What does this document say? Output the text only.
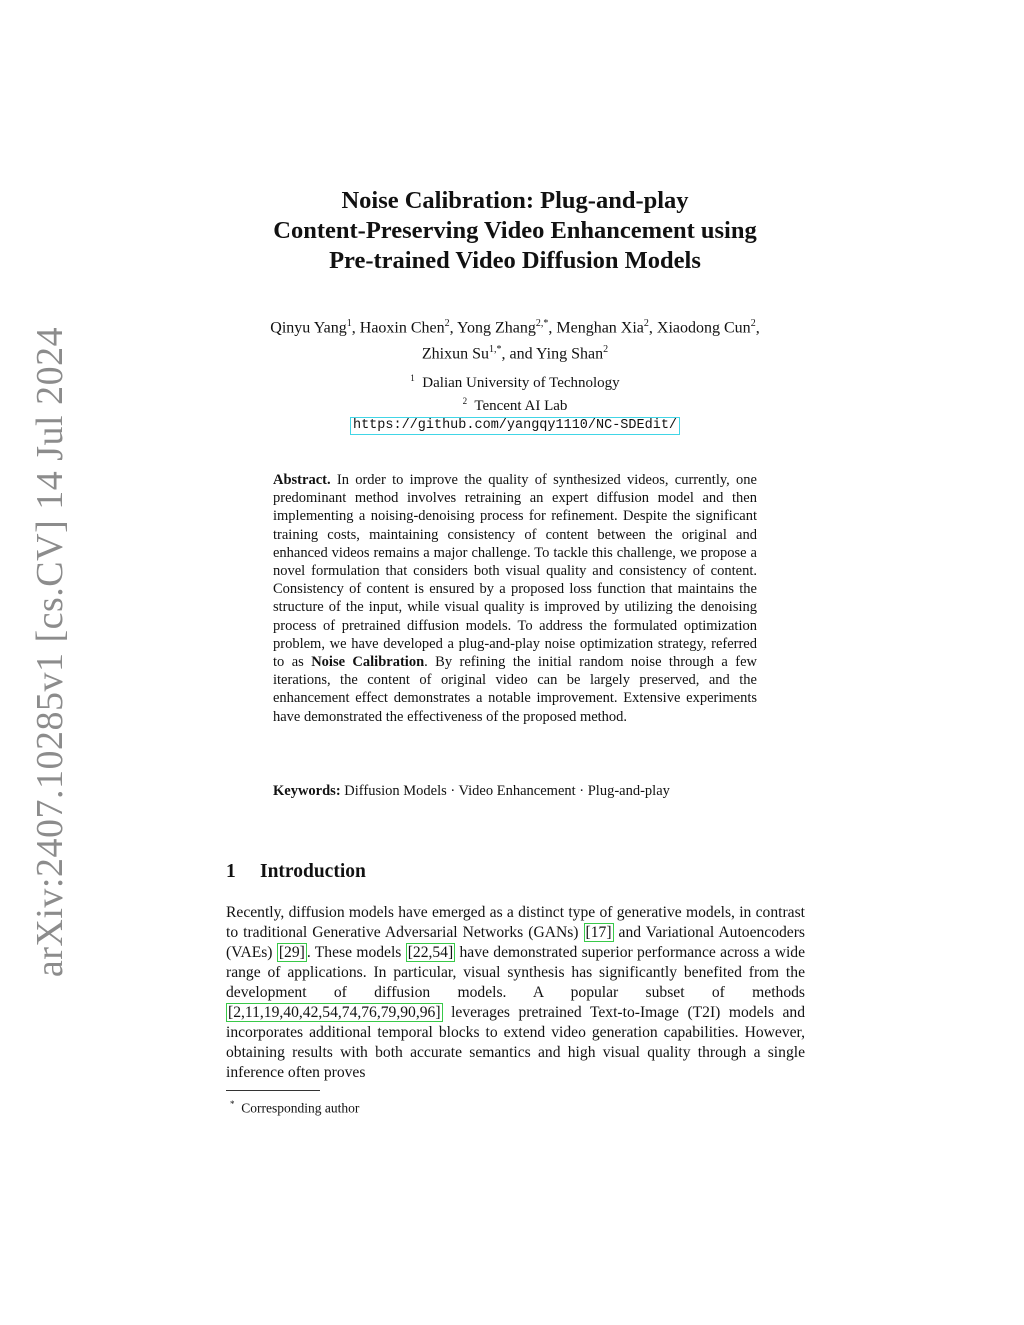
arXiv:2407.10285v1 [cs.CV] 14 Jul 2024
Noise Calibration: Plug-and-play
Content-Preserving Video Enhancement using
Pre-trained Video Diffusion Models
Qinyu Yang$^1$, Haoxin Chen$^2$, Yong Zhang$^{2,*}$, Menghan Xia$^2$, Xiaodong Cun$^2$,
Zhixun $Su^{1,*}$, and Ying Shan$^2$
$^1$ Dalian University of Technology
$^2$ Tencent AI Lab
https://github.com/yangqy1110/NC-SDEdit/
Abstract. In order to improve the quality of synthesized videos, currently, one predominant method involves retraining an expert diffusion model and then implementing a noising-denoising process for refinement. Despite the significant training costs, maintaining consistency of content between the original and enhanced videos remains a major challenge. To tackle this challenge, we propose a novel formulation that considers both visual quality and consistency of content. Consistency of content is ensured by a proposed loss function that maintains the structure of the input, while visual quality is improved by utilizing the denoising process of pretrained diffusion models. To address the formulated optimization problem, we have developed a plug-and-play noise optimization strategy, referred to as Noise Calibration. By refining the initial random noise through a few iterations, the content of original video can be largely preserved, and the enhancement effect demonstrates a notable improvement. Extensive experiments have demonstrated the effectiveness of the proposed method.
Keywords: Diffusion Models · Video Enhancement · Plug-and-play
1 Introduction
Recently, diffusion models have emerged as a distinct type of generative models, in contrast to traditional Generative Adversarial Networks (GANs) [17] and Variational Autoencoders (VAEs) [29] . These models [22,54] have demonstrated superior performance across a wide range of applications. In particular, visual synthesis has significantly benefited from the development of diffusion models. A popular subset of methods [2,11,19,40,42,54,74,76,79,90,96] leverages pretrained Text-to-Image (T2I) models and incorporates additional temporal blocks to extend video generation capabilities. However, obtaining results with both accurate semantics and high visual quality through a single inference often proves
* Corresponding author
